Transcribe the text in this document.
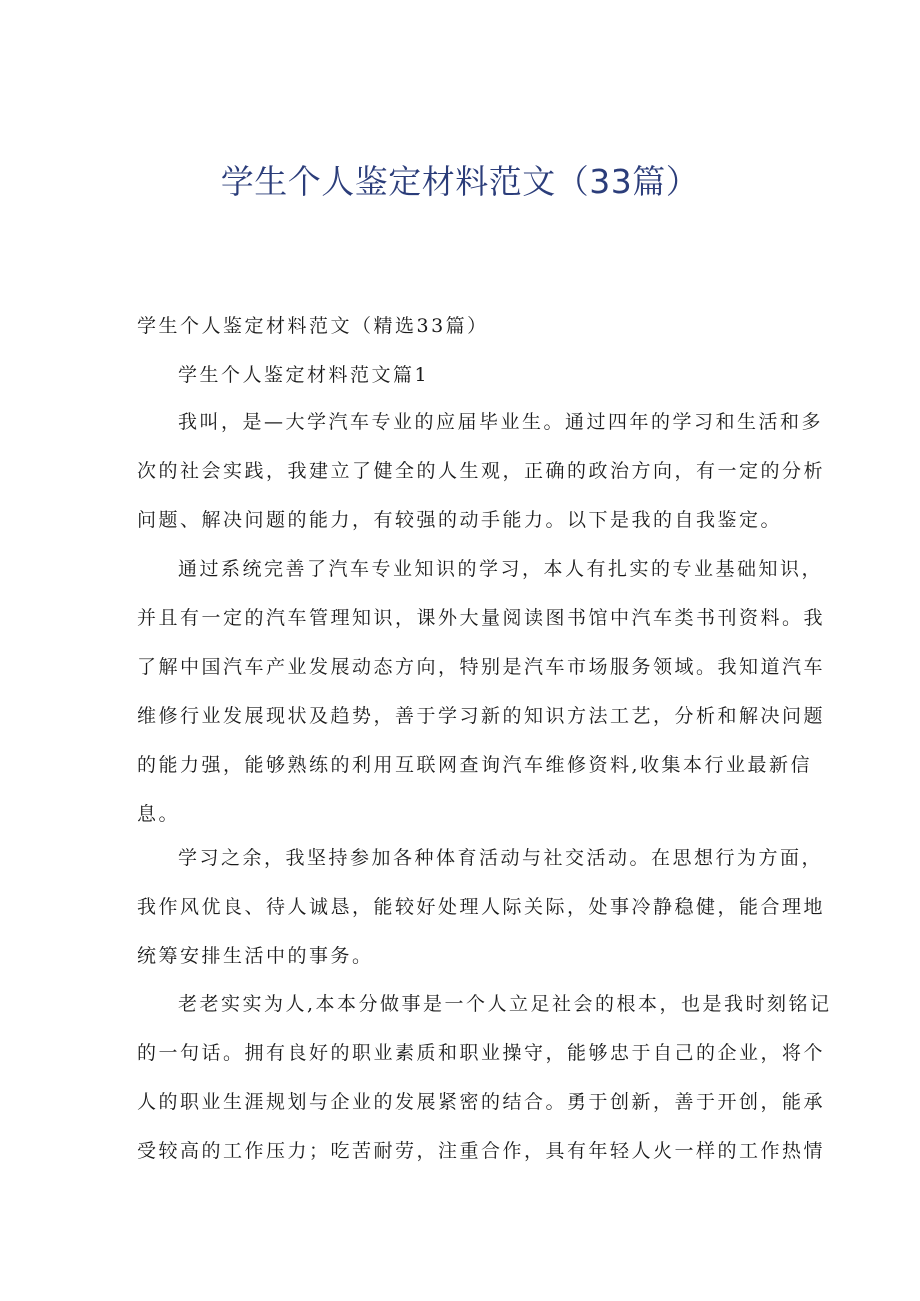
学生个人鉴定材料范文（33篇）
学生个人鉴定材料范文（精选33篇）
学生个人鉴定材料范文篇1
我叫，是—大学汽车专业的应届毕业生。通过四年的学习和生活和多
次的社会实践，我建立了健全的人生观，正确的政治方向，有一定的分析
问题、解决问题的能力，有较强的动手能力。以下是我的自我鉴定。
通过系统完善了汽车专业知识的学习，本人有扎实的专业基础知识，
并且有一定的汽车管理知识，课外大量阅读图书馆中汽车类书刊资料。我
了解中国汽车产业发展动态方向，特别是汽车市场服务领域。我知道汽车
维修行业发展现状及趋势，善于学习新的知识方法工艺，分析和解决问题
的能力强，能够熟练的利用互联网查询汽车维修资料,收集本行业最新信
息。
学习之余，我坚持参加各种体育活动与社交活动。在思想行为方面，
我作风优良、待人诚恳，能较好处理人际关际，处事冷静稳健，能合理地
统筹安排生活中的事务。
老老实实为人,本本分做事是一个人立足社会的根本，也是我时刻铭记
的一句话。拥有良好的职业素质和职业操守，能够忠于自己的企业，将个
人的职业生涯规划与企业的发展紧密的结合。勇于创新，善于开创，能承
受较高的工作压力；吃苦耐劳，注重合作，具有年轻人火一样的工作热情
